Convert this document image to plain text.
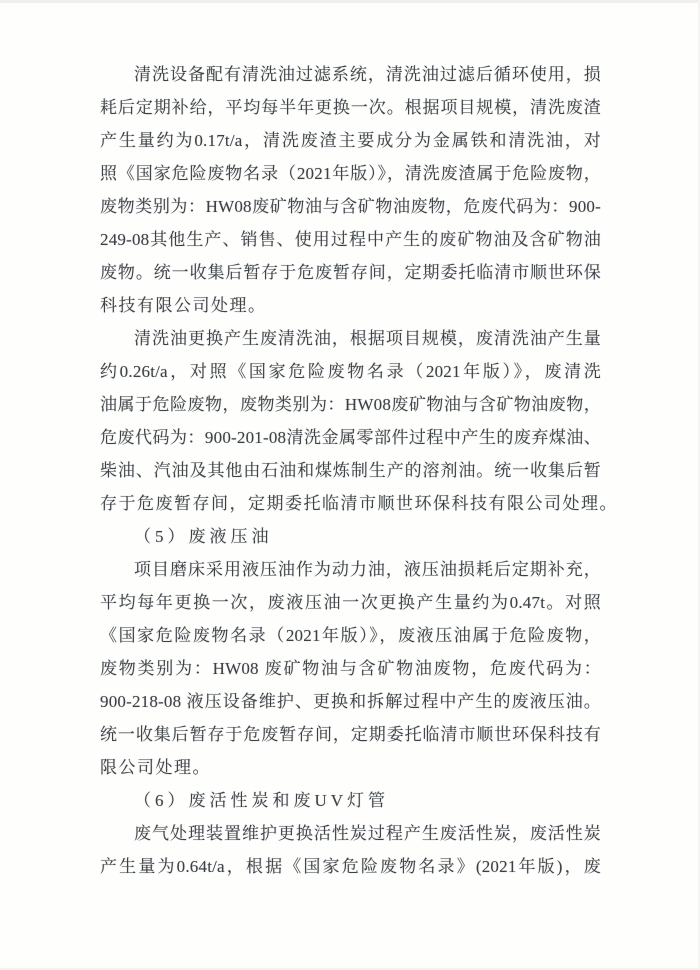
清洗设备配有清洗油过滤系统，清洗油过滤后循环使用，损
耗后定期补给，平均每半年更换一次。根据项目规模，清洗废渣
产生量约为0.17t/a，清洗废渣主要成分为金属铁和清洗油，对
照《国家危险废物名录（2021年版）》，清洗废渣属于危险废物，
废物类别为：HW08废矿物油与含矿物油废物，危废代码为：900-
249-08其他生产、销售、使用过程中产生的废矿物油及含矿物油
废物。统一收集后暂存于危废暂存间，定期委托临清市顺世环保
科技有限公司处理。
清洗油更换产生废清洗油，根据项目规模，废清洗油产生量
约0.26t/a，对照《国家危险废物名录（2021年版）》，废清洗
油属于危险废物，废物类别为：HW08废矿物油与含矿物油废物，
危废代码为：900-201-08清洗金属零部件过程中产生的废弃煤油、
柴油、汽油及其他由石油和煤炼制生产的溶剂油。统一收集后暂
存于危废暂存间，定期委托临清市顺世环保科技有限公司处理。
（5）废液压油
项目磨床采用液压油作为动力油，液压油损耗后定期补充，
平均每年更换一次，废液压油一次更换产生量约为0.47t。对照
《国家危险废物名录（2021年版）》，废液压油属于危险废物，
废物类别为：HW08 废矿物油与含矿物油废物，危废代码为：
900-218-08 液压设备维护、更换和拆解过程中产生的废液压油。
统一收集后暂存于危废暂存间，定期委托临清市顺世环保科技有
限公司处理。
（6）废活性炭和废UV灯管
废气处理装置维护更换活性炭过程产生废活性炭，废活性炭
产生量为0.64t/a，根据《国家危险废物名录》(2021年版)，废
